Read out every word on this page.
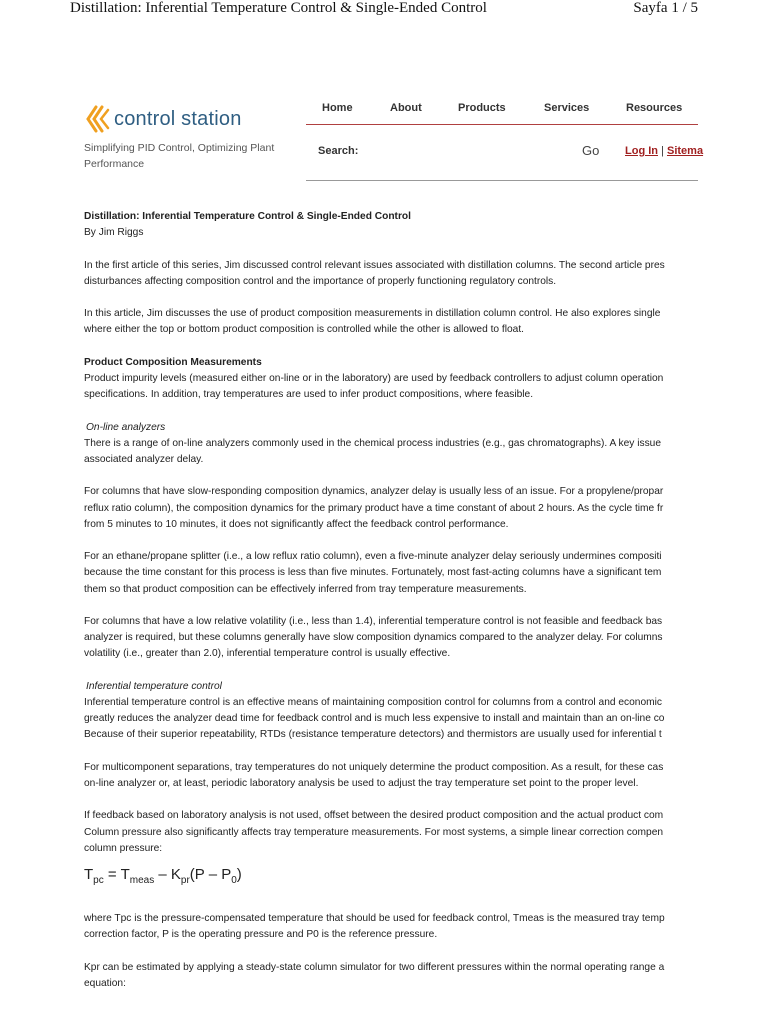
Distillation: Inferential Temperature Control & Single-Ended Control	Sayfa 1 / 5
control station
Simplifying PID Control, Optimizing Plant Performance
Home	About	Products	Services	Resources
Search:	Go Log In | Sitema

Distillation: Inferential Temperature Control & Single-Ended Control

By Jim Riggs

In the first article of this series, Jim discussed control relevant issues associated with distillation columns. The second article pres
disturbances affecting composition control and the importance of properly functioning regulatory controls.

In this article, Jim discusses the use of product composition measurements in distillation column control. He also explores single
where either the top or bottom product composition is controlled while the other is allowed to float.

Product Composition Measurements

Product impurity levels (measured either on-line or in the laboratory) are used by feedback controllers to adjust column operation
specifications. In addition, tray temperatures are used to infer product compositions, where feasible.

On-line analyzers

There is a range of on-line analyzers commonly used in the chemical process industries (e.g., gas chromatographs). A key issue
associated analyzer delay.

For columns that have slow-responding composition dynamics, analyzer delay is usually less of an issue. For a propylene/propar
reflux ratio column), the composition dynamics for the primary product have a time constant of about 2 hours. As the cycle time fr
from 5 minutes to 10 minutes, it does not significantly affect the feedback control performance.

For an ethane/propane splitter (i.e., a low reflux ratio column), even a five-minute analyzer delay seriously undermines compositi
because the time constant for this process is less than five minutes. Fortunately, most fast-acting columns have a significant tem
them so that product composition can be effectively inferred from tray temperature measurements.

For columns that have a low relative volatility (i.e., less than 1.4), inferential temperature control is not feasible and feedback bas
analyzer is required, but these columns generally have slow composition dynamics compared to the analyzer delay. For columns
volatility (i.e., greater than 2.0), inferential temperature control is usually effective.

Inferential temperature control

Inferential temperature control is an effective means of maintaining composition control for columns from a control and economic
greatly reduces the analyzer dead time for feedback control and is much less expensive to install and maintain than an on-line co
Because of their superior repeatability, RTDs (resistance temperature detectors) and thermistors are usually used for inferential t

For multicomponent separations, tray temperatures do not uniquely determine the product composition. As a result, for these cas
on-line analyzer or, at least, periodic laboratory analysis be used to adjust the tray temperature set point to the proper level.

If feedback based on laboratory analysis is not used, offset between the desired product composition and the actual product com
Column pressure also significantly affects tray temperature measurements. For most systems, a simple linear correction compen
column pressure:

$T_{pc} = T_{meas} - K_{pr}(P - P_0)$

where Tpc is the pressure-compensated temperature that should be used for feedback control, Tmeas is the measured tray temp
correction factor, P is the operating pressure and P0 is the reference pressure.

Kpr can be estimated by applying a steady-state column simulator for two different pressures within the normal operating range a
equation:
